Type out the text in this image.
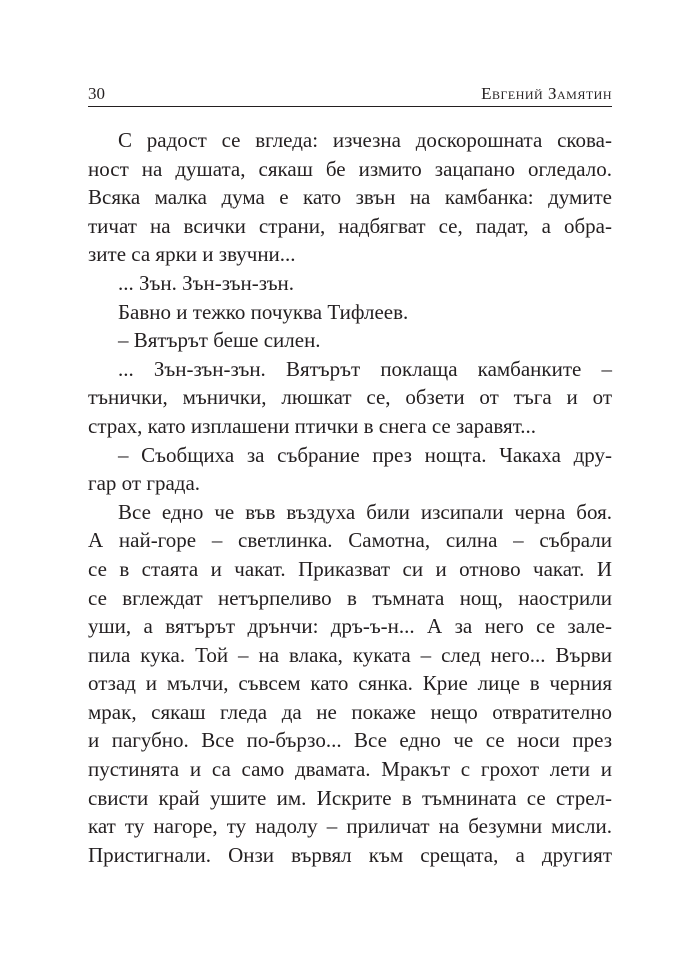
30	Евгений Замятин
С радост се вгледа: изчезна доскорошната скова-
ност на душата, сякаш бе измито зацапано огледало.
Всяка малка дума е като звън на камбанка: думите
тичат на всички страни, надбягват се, падат, а обра-
зите са ярки и звучни...
... Зън. Зън-зън-зън.
Бавно и тежко почуква Тифлеев.
– Вятърът беше силен.
... Зън-зън-зън. Вятърът поклаща камбанките –
тънички, мънички, люшкат се, обзети от тъга и от
страх, като изплашени птички в снега се заравят...
– Съобщиха за събрание през нощта. Чакаха дру-
гар от града.
Все едно че във въздуха били изсипали черна боя.
А най-горе – светлинка. Самотна, силна – събрали
се в стаята и чакат. Приказват си и отново чакат. И
се вглеждат нетърпеливо в тъмната нощ, наострили
уши, а вятърът дрънчи: дръ-ъ-н... А за него се зале-
пила кука. Той – на влака, куката – след него... Върви
отзад и мълчи, съвсем като сянка. Крие лице в черния
мрак, сякаш гледа да не покаже нещо отвратително
и пагубно. Все по-бързо... Все едно че се носи през
пустинята и са само двамата. Мракът с грохот лети и
свисти край ушите им. Искрите в тъмнината се стрел-
кат ту нагоре, ту надолу – приличат на безумни мисли.
Пристигнали. Онзи вървял към срещата, а другият
